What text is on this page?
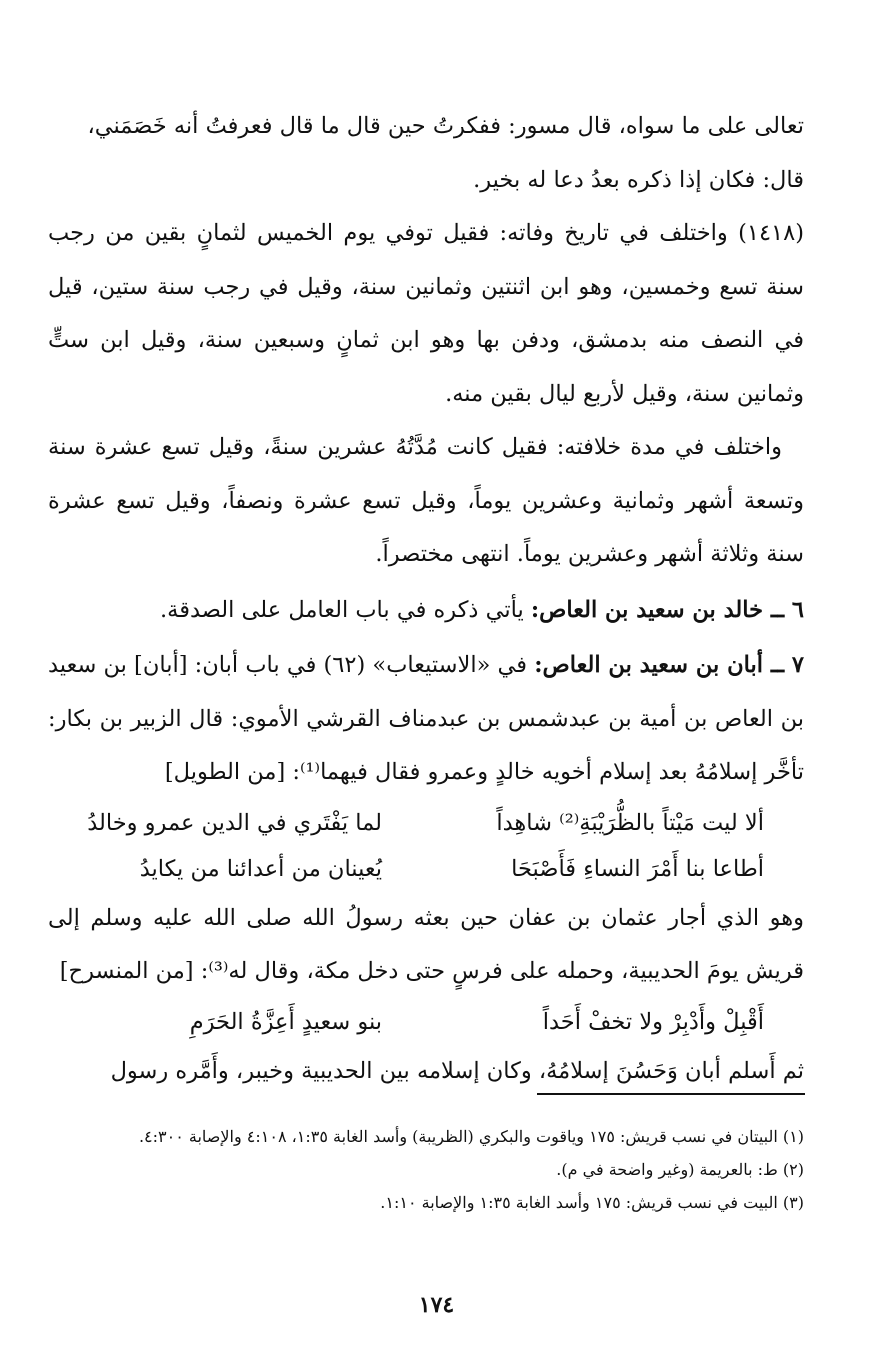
تعالى على ما سواه، قال مسور: ففكرتُ حين قال ما قال فعرفتُ أنه خَصَمَني،
قال: فكان إذا ذكره بعدُ دعا له بخير.

(١٤١٨) واختلف في تاريخ وفاته: فقيل توفي يوم الخميس لثمانٍ بقين من رجب سنة تسع وخمسين، وهو ابن اثنتين وثمانين سنة، وقيل في رجب سنة ستين، قيل في النصف منه بدمشق، ودفن بها وهو ابن ثمانٍ وسبعين سنة، وقيل ابن ستٍّ وثمانين سنة، وقيل لأربع ليال بقين منه.

واختلف في مدة خلافته: فقيل كانت مُدَّتُهُ عشرين سنةً، وقيل تسع عشرة سنة وتسعة أشهر وثمانية وعشرين يوماً، وقيل تسع عشرة ونصفاً، وقيل تسع عشرة سنة وثلاثة أشهر وعشرين يوماً. انتهى مختصراً.

٦ ــ خالد بن سعيد بن العاص: يأتي ذكره في باب العامل على الصدقة.

٧ ــ أبان بن سعيد بن العاص: في «الاستيعاب» (٦٢) في باب أبان: [أبان] بن سعيد بن العاص بن أمية بن عبدشمس بن عبدمناف القرشي الأموي: قال الزبير بن بكار: تأخَّر إسلامُهُ بعد إسلام أخويه خالدٍ وعمرو فقال فيهما⁽¹⁾: [من الطويل]

ألا ليت مَيْتاً بالظُّرَيْبَةِ⁽²⁾ شاهِداً
لما يَفْتَري في الدين عمرو وخالدُ
أطاعا بنا أَمْرَ النساءِ فَأَصْبَحَا
يُعينان من أعدائنا من يكايدُ

وهو الذي أجار عثمان بن عفان حين بعثه رسولُ الله صلى الله عليه وسلم إلى قريش يومَ الحديبية، وحمله على فرسٍ حتى دخل مكة، وقال له⁽³⁾: [من المنسرح]

أَقْبِلْ وأَدْبِرْ ولا تخفْ أَحَداً
بنو سعيدٍ أَعِزَّةُ الحَرَمِ

ثم أَسلم أبان وَحَسُنَ إسلامُهُ، وكان إسلامه بين الحديبية وخيبر، وأَمَّره رسول

(١) البيتان في نسب قريش: ١٧٥ وياقوت والبكري (الظريبة) وأسد الغابة ١:٣٥، ٤:١٠٨ والإصابة ٤:٣٠٠.

(٢) ط: بالعريمة (وغير واضحة في م).

(٣) البيت في نسب قريش: ١٧٥ وأسد الغابة ١:٣٥ والإصابة ١:١٠.

١٧٤
